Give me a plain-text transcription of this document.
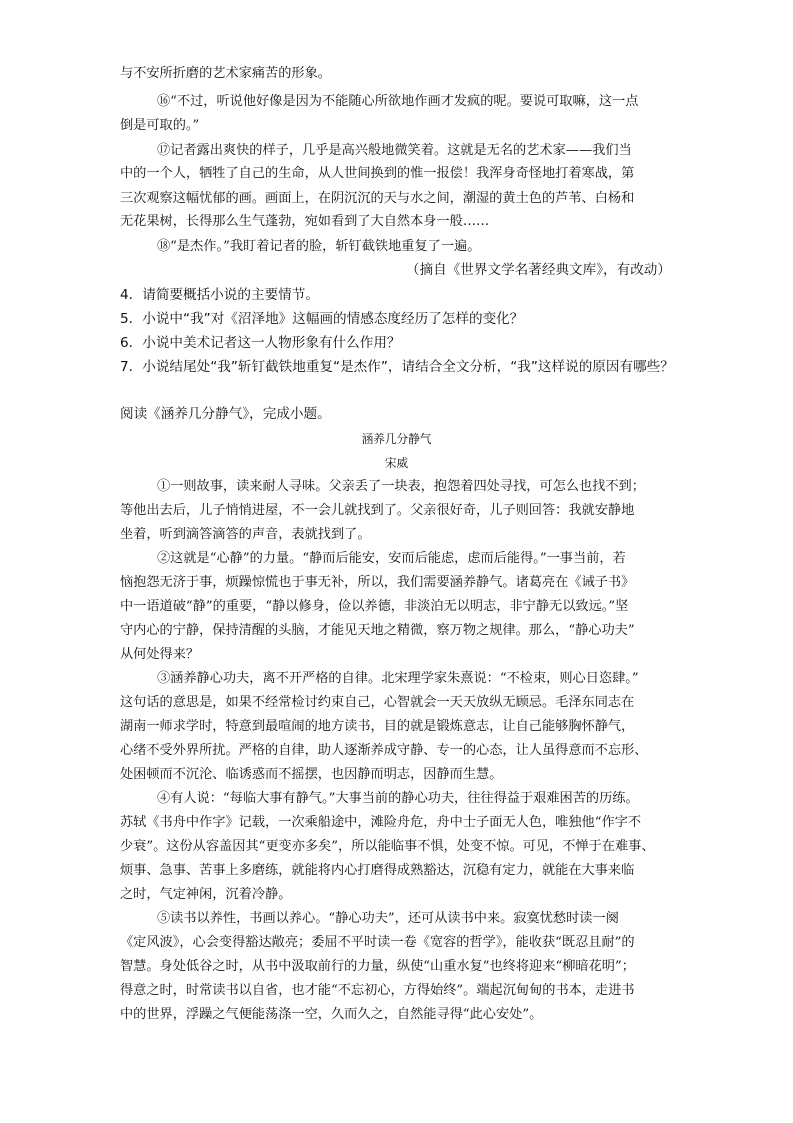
与不安所折磨的艺术家痛苦的形象。
⑯“不过，听说他好像是因为不能随心所欲地作画才发疯的呢。要说可取嘛，这一点
倒是可取的。”
⑰记者露出爽快的样子，几乎是高兴般地微笑着。这就是无名的艺术家——我们当
中的一个人，牺牲了自己的生命，从人世间换到的惟一报偿！我浑身奇怪地打着寒战，第
三次观察这幅忧郁的画。画面上，在阴沉沉的天与水之间，潮湿的黄土色的芦苇、白杨和
无花果树，长得那么生气蓬勃，宛如看到了大自然本身一般……
⑱“是杰作。”我盯着记者的脸，斩钉截铁地重复了一遍。
（摘自《世界文学名著经典文库》，有改动）
4．请简要概括小说的主要情节。
5．小说中“我”对《沼泽地》这幅画的情感态度经历了怎样的变化？
6．小说中美术记者这一人物形象有什么作用？
7．小说结尾处“我”斩钉截铁地重复“是杰作”，请结合全文分析，“我”这样说的原因有哪些？
阅读《涵养几分静气》，完成小题。
涵养几分静气
宋威
①一则故事，读来耐人寻味。父亲丢了一块表，抱怨着四处寻找，可怎么也找不到；
等他出去后，儿子悄悄进屋，不一会儿就找到了。父亲很好奇，儿子则回答：我就安静地
坐着，听到滴答滴答的声音，表就找到了。
②这就是“心静”的力量。“静而后能安，安而后能虑，虑而后能得。”一事当前，若
恼抱怨无济于事，烦躁惊慌也于事无补，所以，我们需要涵养静气。诸葛亮在《诫子书》
中一语道破“静”的重要，“静以修身，俭以养德，非淡泊无以明志，非宁静无以致远。”坚
守内心的宁静，保持清醒的头脑，才能见天地之精微，察万物之规律。那么，“静心功夫”
从何处得来？
③涵养静心功夫，离不开严格的自律。北宋理学家朱熹说：“不检束，则心日恣肆。”
这句话的意思是，如果不经常检讨约束自己，心智就会一天天放纵无顾忌。毛泽东同志在
湖南一师求学时，特意到最喧闹的地方读书，目的就是锻炼意志，让自己能够胸怀静气，
心绪不受外界所扰。严格的自律，助人逐渐养成守静、专一的心态，让人虽得意而不忘形、
处困顿而不沉沦、临诱惑而不摇摆，也因静而明志，因静而生慧。
④有人说：“每临大事有静气。”大事当前的静心功夫，往往得益于艰难困苦的历练。
苏轼《书舟中作字》记载，一次乘船途中，滩险舟危，舟中士子面无人色，唯独他“作字不
少衰”。这份从容盖因其“更变亦多矣”，所以能临事不惧，处变不惊。可见，不惮于在难事、
烦事、急事、苦事上多磨练，就能将内心打磨得成熟豁达，沉稳有定力，就能在大事来临
之时，气定神闲，沉着冷静。
⑤读书以养性，书画以养心。“静心功夫”，还可从读书中来。寂寞忧愁时读一阕
《定风波》，心会变得豁达敞亮；委屈不平时读一卷《宽容的哲学》，能收获“既忍且耐”的
智慧。身处低谷之时，从书中汲取前行的力量，纵使“山重水复”也终将迎来“柳暗花明”；
得意之时，时常读书以自省，也才能“不忘初心，方得始终”。端起沉甸甸的书本，走进书
中的世界，浮躁之气便能荡涤一空，久而久之，自然能寻得“此心安处”。
